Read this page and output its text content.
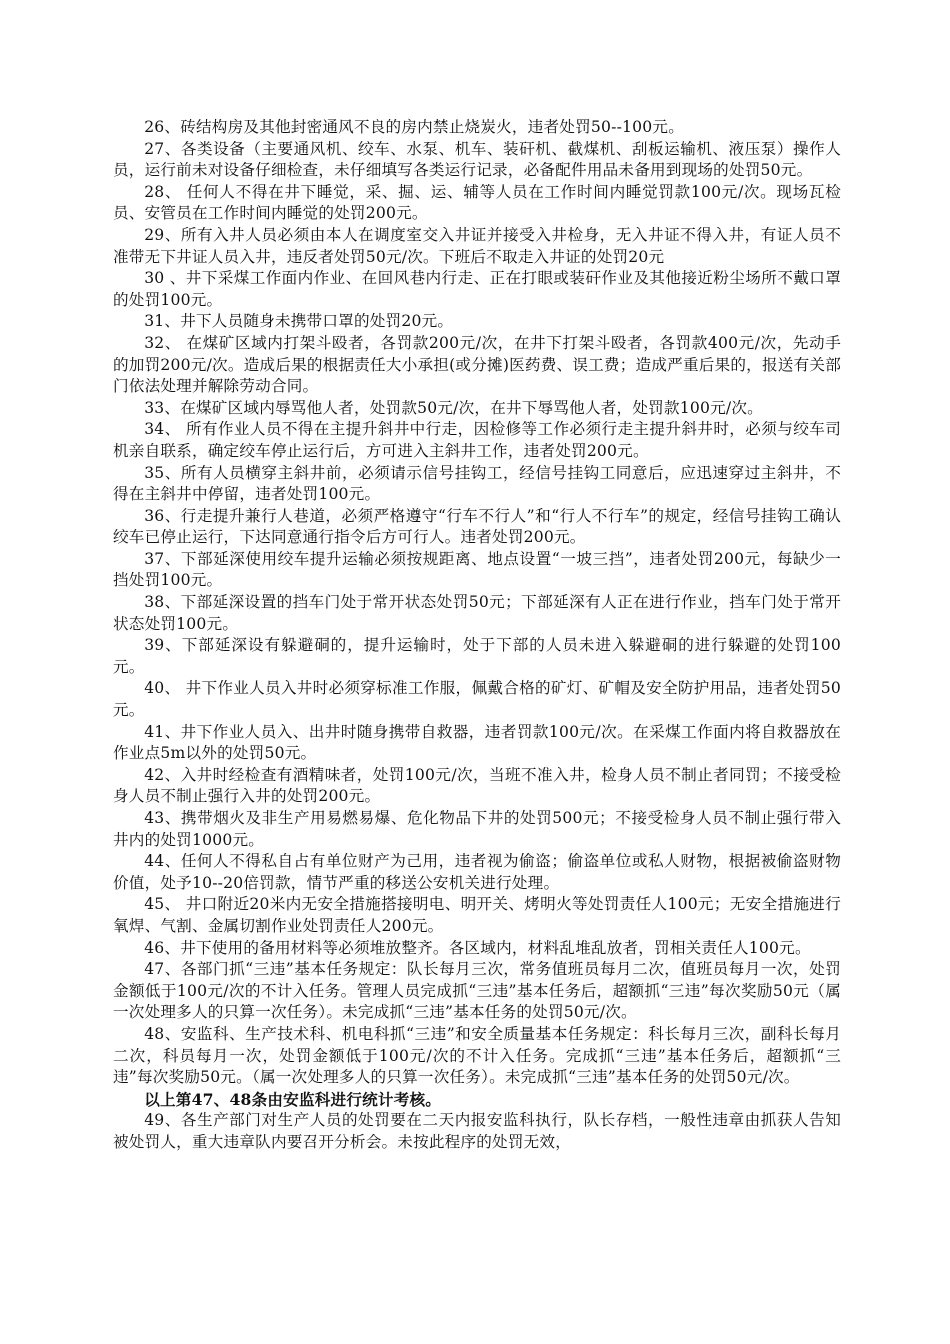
26、砖结构房及其他封密通风不良的房内禁止烧炭火，违者处罚50--100元。

27、各类设备（主要通风机、绞车、水泵、机车、装矸机、截煤机、刮板运输机、液压泵）操作人员，运行前未对设备仔细检查，未仔细填写各类运行记录，必备配件用品未备用到现场的处罚50元。

28、 任何人不得在井下睡觉，采、掘、运、辅等人员在工作时间内睡觉罚款100元/次。现场瓦检员、安管员在工作时间内睡觉的处罚200元。

29、所有入井人员必须由本人在调度室交入井证并接受入井检身，无入井证不得入井，有证人员不准带无下井证人员入井，违反者处罚50元/次。下班后不取走入井证的处罚20元

30 、井下采煤工作面内作业、在回风巷内行走、正在打眼或装矸作业及其他接近粉尘场所不戴口罩的处罚100元。

31、井下人员随身未携带口罩的处罚20元。

32、 在煤矿区域内打架斗殴者，各罚款200元/次，在井下打架斗殴者，各罚款400元/次，先动手的加罚200元/次。造成后果的根据责任大小承担(或分摊)医药费、误工费；造成严重后果的，报送有关部门依法处理并解除劳动合同。

33、在煤矿区域内辱骂他人者，处罚款50元/次，在井下辱骂他人者，处罚款100元/次。

34、 所有作业人员不得在主提升斜井中行走，因检修等工作必须行走主提升斜井时，必须与绞车司机亲自联系，确定绞车停止运行后，方可进入主斜井工作，违者处罚200元。

35、所有人员横穿主斜井前，必须请示信号挂钩工，经信号挂钩工同意后，应迅速穿过主斜井，不得在主斜井中停留，违者处罚100元。

36、行走提升兼行人巷道，必须严格遵守“行车不行人”和“行人不行车”的规定，经信号挂钩工确认绞车已停止运行，下达同意通行指令后方可行人。违者处罚200元。

37、下部延深使用绞车提升运输必须按规距离、地点设置“一坡三挡”，违者处罚200元，每缺少一挡处罚100元。

38、下部延深设置的挡车门处于常开状态处罚50元；下部延深有人正在进行作业，挡车门处于常开状态处罚100元。

39、下部延深设有躲避硐的，提升运输时，处于下部的人员未进入躲避硐的进行躲避的处罚100元。

40、 井下作业人员入井时必须穿标准工作服，佩戴合格的矿灯、矿帽及安全防护用品，违者处罚50元。

41、井下作业人员入、出井时随身携带自救器，违者罚款100元/次。在采煤工作面内将自救器放在作业点5m以外的处罚50元。

42、入井时经检查有酒精味者，处罚100元/次，当班不准入井，检身人员不制止者同罚；不接受检身人员不制止强行入井的处罚200元。

43、携带烟火及非生产用易燃易爆、危化物品下井的处罚500元；不接受检身人员不制止强行带入井内的处罚1000元。

44、任何人不得私自占有单位财产为己用，违者视为偷盗；偷盗单位或私人财物，根据被偷盗财物价值，处予10--20倍罚款，情节严重的移送公安机关进行处理。

45、 井口附近20米内无安全措施搭接明电、明开关、烤明火等处罚责任人100元；无安全措施进行氧焊、气割、金属切割作业处罚责任人200元。

46、井下使用的备用材料等必须堆放整齐。各区域内，材料乱堆乱放者，罚相关责任人100元。

47、各部门抓“三违”基本任务规定：队长每月三次，常务值班员每月二次，值班员每月一次，处罚金额低于100元/次的不计入任务。管理人员完成抓“三违”基本任务后，超额抓“三违”每次奖励50元（属一次处理多人的只算一次任务）。未完成抓“三违”基本任务的处罚50元/次。

48、安监科、生产技术科、机电科抓“三违”和安全质量基本任务规定：科长每月三次，副科长每月二次，科员每月一次，处罚金额低于100元/次的不计入任务。完成抓“三违”基本任务后，超额抓“三违”每次奖励50元。（属一次处理多人的只算一次任务）。未完成抓“三违”基本任务的处罚50元/次。

以上第47、48条由安监科进行统计考核。

49、各生产部门对生产人员的处罚要在二天内报安监科执行，队长存档，一般性违章由抓获人告知被处罚人，重大违章队内要召开分析会。未按此程序的处罚无效，
